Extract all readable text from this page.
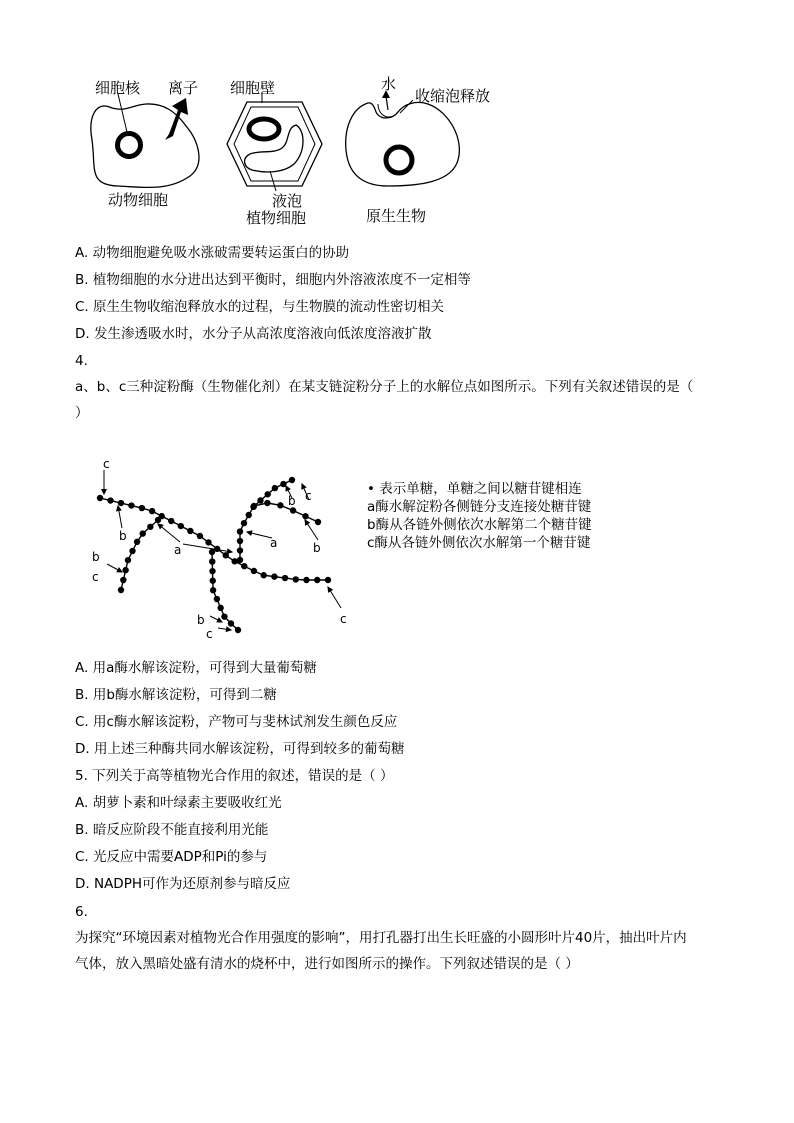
细胞核 离子 细胞壁	水
收缩泡释放
动物细胞	液泡
植物细胞	原生生物
A. 动物细胞避免吸水涨破需要转运蛋白的协助
B. 植物细胞的水分进出达到平衡时，细胞内外溶液浓度不一定相等
C. 原生生物收缩泡释放水的过程，与生物膜的流动性密切相关
D. 发生渗透吸水时，水分子从高浓度溶液向低浓度溶液扩散
4.
a、b、c三种淀粉酶（生物催化剂）在某支链淀粉分子上的水解位点如图所示。下列有关叙述错误的是（
）
c
b
b
c
a	a
b c
b
c
b
c
• 表示单糖，单糖之间以糖苷键相连
a酶水解淀粉各侧链分支连接处糖苷键
b酶从各链外侧依次水解第二个糖苷键
c酶从各链外侧依次水解第一个糖苷键
A. 用a酶水解该淀粉，可得到大量葡萄糖
B. 用b酶水解该淀粉，可得到二糖
C. 用c酶水解该淀粉，产物可与斐林试剂发生颜色反应
D. 用上述三种酶共同水解该淀粉，可得到较多的葡萄糖
5. 下列关于高等植物光合作用的叙述，错误的是（ ）
A. 胡萝卜素和叶绿素主要吸收红光
B. 暗反应阶段不能直接利用光能
C. 光反应中需要ADP和Pi的参与
D. NADPH可作为还原剂参与暗反应
6.
为探究“环境因素对植物光合作用强度的影响”，用打孔器打出生长旺盛的小圆形叶片40片，抽出叶片内
气体，放入黑暗处盛有清水的烧杯中，进行如图所示的操作。下列叙述错误的是（ ）
